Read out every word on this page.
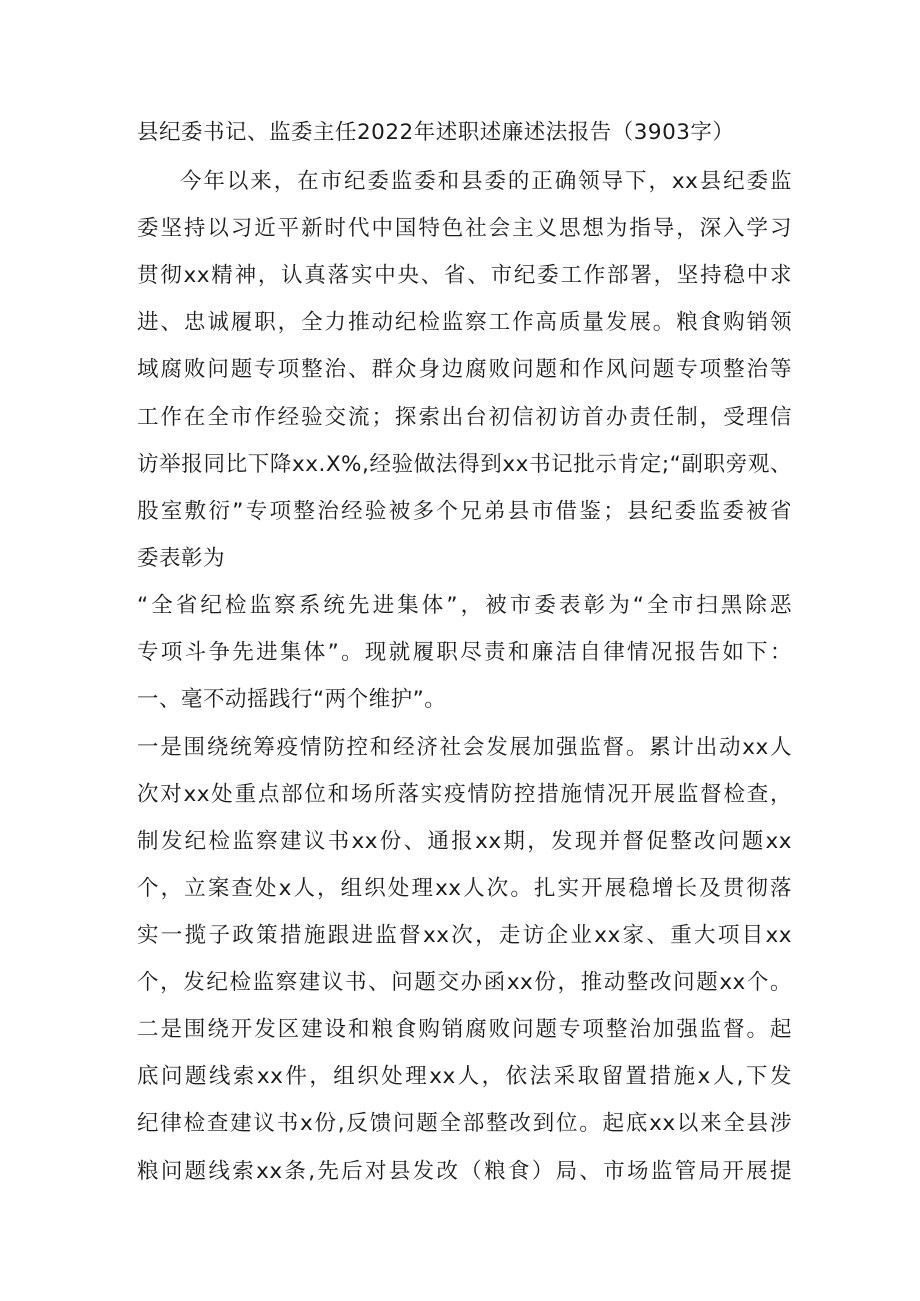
县纪委书记、监委主任2022年述职述廉述法报告（3903字）
今年以来，在市纪委监委和县委的正确领导下，xx县纪委监
委坚持以习近平新时代中国特色社会主义思想为指导，深入学习
贯彻xx精神，认真落实中央、省、市纪委工作部署，坚持稳中求
进、忠诚履职，全力推动纪检监察工作高质量发展。粮食购销领
域腐败问题专项整治、群众身边腐败问题和作风问题专项整治等
工作在全市作经验交流；探索出台初信初访首办责任制，受理信
访举报同比下降xx.X%,经验做法得到xx书记批示肯定;“副职旁观、
股室敷衍”专项整治经验被多个兄弟县市借鉴；县纪委监委被省
委表彰为
“全省纪检监察系统先进集体”，被市委表彰为“全市扫黑除恶
专项斗争先进集体”。现就履职尽责和廉洁自律情况报告如下：
一、毫不动摇践行“两个维护”。
一是围绕统筹疫情防控和经济社会发展加强监督。累计出动xx人
次对xx处重点部位和场所落实疫情防控措施情况开展监督检查，
制发纪检监察建议书xx份、通报xx期，发现并督促整改问题xx
个，立案查处x人，组织处理xx人次。扎实开展稳增长及贯彻落
实一揽子政策措施跟进监督xx次，走访企业xx家、重大项目xx
个，发纪检监察建议书、问题交办函xx份，推动整改问题xx个。
二是围绕开发区建设和粮食购销腐败问题专项整治加强监督。起
底问题线索xx件，组织处理xx人，依法采取留置措施x人,下发
纪律检查建议书x份,反馈问题全部整改到位。起底xx以来全县涉
粮问题线索xx条,先后对县发改（粮食）局、市场监管局开展提
